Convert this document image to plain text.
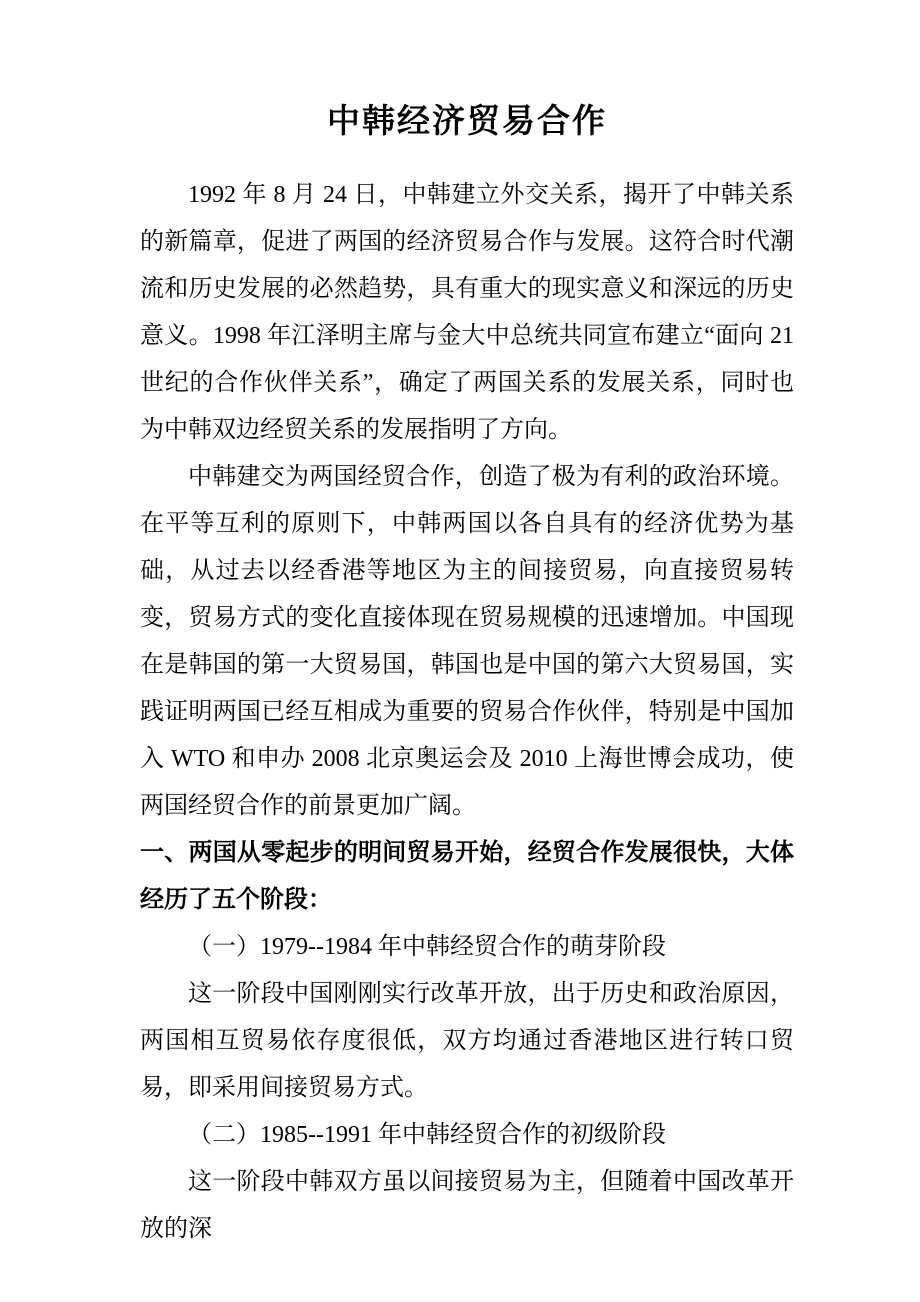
中韩经济贸易合作

1992 年 8 月 24 日，中韩建立外交关系，揭开了中韩关系的新篇章，促进了两国的经济贸易合作与发展。这符合时代潮流和历史发展的必然趋势，具有重大的现实意义和深远的历史意义。1998 年江泽明主席与金大中总统共同宣布建立“面向 21 世纪的合作伙伴关系”，确定了两国关系的发展关系，同时也为中韩双边经贸关系的发展指明了方向。

中韩建交为两国经贸合作，创造了极为有利的政治环境。在平等互利的原则下，中韩两国以各自具有的经济优势为基础，从过去以经香港等地区为主的间接贸易，向直接贸易转变，贸易方式的变化直接体现在贸易规模的迅速增加。中国现在是韩国的第一大贸易国，韩国也是中国的第六大贸易国，实践证明两国已经互相成为重要的贸易合作伙伴，特别是中国加入 WTO 和申办 2008 北京奥运会及 2010 上海世博会成功，使两国经贸合作的前景更加广阔。

一、两国从零起步的明间贸易开始，经贸合作发展很快，大体经历了五个阶段：

（一）1979--1984 年中韩经贸合作的萌芽阶段

这一阶段中国刚刚实行改革开放，出于历史和政治原因，两国相互贸易依存度很低，双方均通过香港地区进行转口贸易，即采用间接贸易方式。

（二）1985--1991 年中韩经贸合作的初级阶段

这一阶段中韩双方虽以间接贸易为主，但随着中国改革开放的深
